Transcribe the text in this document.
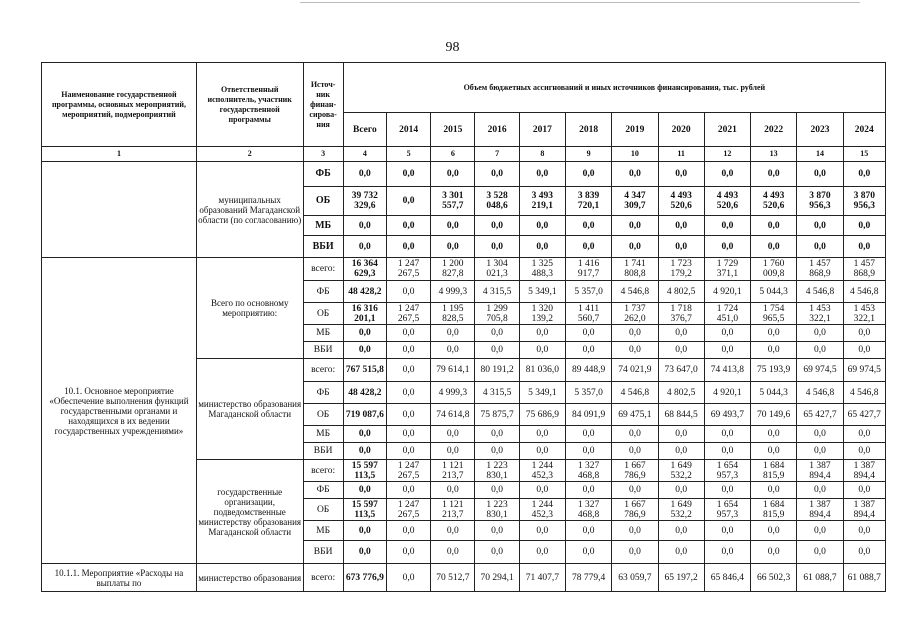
98
Наименование государственной программы, основных мероприятий, мероприятий, подмероприятий	Ответственный исполнитель, участник государственной программы	Источ- ник финан- сирова- ния	Объем бюджетных ассигнований и иных источников финансирования, тыс. рублей											
			Всего	2014	2015	2016	2017	2018	2019	2020	2021	2022	2023	2024
1	2	3	4	5	6	7	8	9	10	11	12	13	14	15
	муниципальных образований Магаданской области (по согласованию)	ФБ	0,0	0,0	0,0	0,0	0,0	0,0	0,0	0,0	0,0	0,0	0,0	0,0
		ОБ	39 732 329,6	0,0	3 301 557,7	3 528 048,6	3 493 219,1	3 839 720,1	4 347 309,7	4 493 520,6	4 493 520,6	4 493 520,6	3 870 956,3	3 870 956,3
		МБ	0,0	0,0	0,0	0,0	0,0	0,0	0,0	0,0	0,0	0,0	0,0	0,0
		ВБИ	0,0	0,0	0,0	0,0	0,0	0,0	0,0	0,0	0,0	0,0	0,0	0,0
10.1. Основное мероприятие «Обеспечение выполнения функций государственными органами и находящихся в их ведении государственных учреждениями»	Всего по основному мероприятию:	всего:	16 364 629,3	1 247 267,5	1 200 827,8	1 304 021,3	1 325 488,3	1 416 917,7	1 741 808,8	1 723 179,2	1 729 371,1	1 760 009,8	1 457 868,9	1 457 868,9
		ФБ	48 428,2	0,0	4 999,3	4 315,5	5 349,1	5 357,0	4 546,8	4 802,5	4 920,1	5 044,3	4 546,8	4 546,8
		ОБ	16 316 201,1	1 247 267,5	1 195 828,5	1 299 705,8	1 320 139,2	1 411 560,7	1 737 262,0	1 718 376,7	1 724 451,0	1 754 965,5	1 453 322,1	1 453 322,1
		МБ	0,0	0,0	0,0	0,0	0,0	0,0	0,0	0,0	0,0	0,0	0,0	0,0
		ВБИ	0,0	0,0	0,0	0,0	0,0	0,0	0,0	0,0	0,0	0,0	0,0	0,0
	министерство образования Магаданской области	всего:	767 515,8	0,0	79 614,1	80 191,2	81 036,0	89 448,9	74 021,9	73 647,0	74 413,8	75 193,9	69 974,5	69 974,5
		ФБ	48 428,2	0,0	4 999,3	4 315,5	5 349,1	5 357,0	4 546,8	4 802,5	4 920,1	5 044,3	4 546,8	4 546,8
		ОБ	719 087,6	0,0	74 614,8	75 875,7	75 686,9	84 091,9	69 475,1	68 844,5	69 493,7	70 149,6	65 427,7	65 427,7
		МБ	0,0	0,0	0,0	0,0	0,0	0,0	0,0	0,0	0,0	0,0	0,0	0,0
		ВБИ	0,0	0,0	0,0	0,0	0,0	0,0	0,0	0,0	0,0	0,0	0,0	0,0
	государственные организации, подведомственные министерству образования Магаданской области	всего:	15 597 113,5	1 247 267,5	1 121 213,7	1 223 830,1	1 244 452,3	1 327 468,8	1 667 786,9	1 649 532,2	1 654 957,3	1 684 815,9	1 387 894,4	1 387 894,4
		ФБ	0,0	0,0	0,0	0,0	0,0	0,0	0,0	0,0	0,0	0,0	0,0	0,0
		ОБ	15 597 113,5	1 247 267,5	1 121 213,7	1 223 830,1	1 244 452,3	1 327 468,8	1 667 786,9	1 649 532,2	1 654 957,3	1 684 815,9	1 387 894,4	1 387 894,4
		МБ	0,0	0,0	0,0	0,0	0,0	0,0	0,0	0,0	0,0	0,0	0,0	0,0
		ВБИ	0,0	0,0	0,0	0,0	0,0	0,0	0,0	0,0	0,0	0,0	0,0	0,0
10.1.1. Мероприятие «Расходы на выплаты по	министерство образования	всего:	673 776,9	0,0	70 512,7	70 294,1	71 407,7	78 779,4	63 059,7	65 197,2	65 846,4	66 502,3	61 088,7	61 088,7
